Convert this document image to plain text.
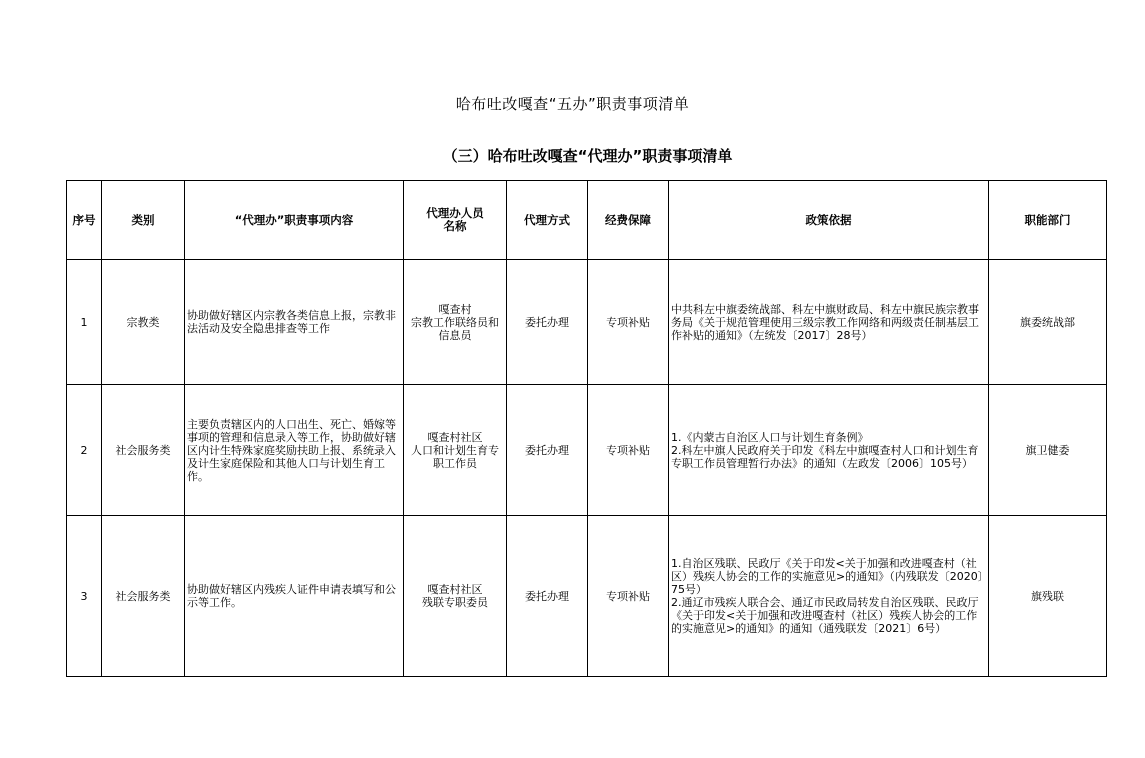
哈布吐改嘎查“五办”职责事项清单
（三）哈布吐改嘎查“代理办”职责事项清单
序号	类别	“代理办”职责事项内容	代理办人员
名称	代理方式	经费保障	政策依据	职能部门
1	宗教类	协助做好辖区内宗教各类信息上报，宗教非法活动及安全隐患排查等工作	嘎查村
宗教工作联络员和
信息员	委托办理	专项补贴	中共科左中旗委统战部、科左中旗财政局、科左中旗民族宗教事务局《关于规范管理使用三级宗教工作网络和两级责任制基层工作补贴的通知》（左统发〔2017〕28号）	旗委统战部
2	社会服务类	主要负责辖区内的人口出生、死亡、婚嫁等事项的管理和信息录入等工作，协助做好辖区内计生特殊家庭奖励扶助上报、系统录入及计生家庭保险和其他人口与计划生育工作。	嘎查村社区
人口和计划生育专
职工作员	委托办理	专项补贴	1.《内蒙古自治区人口与计划生育条例》
2.科左中旗人民政府关于印发《科左中旗嘎查村人口和计划生育专职工作员管理暂行办法》的通知（左政发〔2006〕105号）	旗卫健委
3	社会服务类	协助做好辖区内残疾人证件申请表填写和公示等工作。	嘎查村社区
残联专职委员	委托办理	专项补贴	1.自治区残联、民政厅《关于印发<关于加强和改进嘎查村（社区）残疾人协会的工作的实施意见>的通知》（内残联发〔2020〕75号）
2.通辽市残疾人联合会、通辽市民政局转发自治区残联、民政厅《关于印发<关于加强和改进嘎查村（社区）残疾人协会的工作的实施意见>的通知》的通知（通残联发〔2021〕6号）	旗残联
